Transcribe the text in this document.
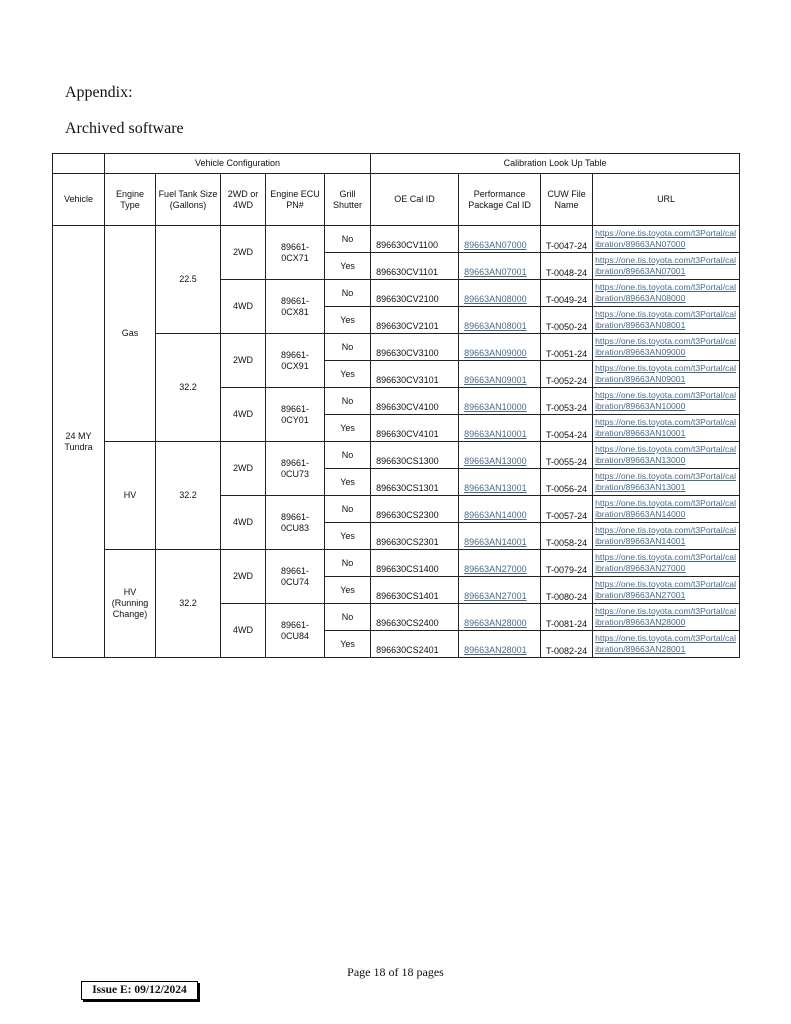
Appendix:
Archived software
	Vehicle Configuration					Calibration Look Up Table			
Vehicle	Engine Type	Fuel Tank Size (Gallons)	2WD or 4WD	Engine ECU PN#	Grill Shutter	OE Cal ID	Performance Package Cal ID	CUW File Name	URL
24 MY Tundra	Gas	22.5	2WD	89661-0CX71	No	896630CV1100	89663AN07000	T-0047-24	https://one.tis.toyota.com/t3Portal/calibration/89663AN07000
					Yes	896630CV1101	89663AN07001	T-0048-24	https://one.tis.toyota.com/t3Portal/calibration/89663AN07001
			4WD	89661-0CX81	No	896630CV2100	89663AN08000	T-0049-24	https://one.tis.toyota.com/t3Portal/calibration/89663AN08000
					Yes	896630CV2101	89663AN08001	T-0050-24	https://one.tis.toyota.com/t3Portal/calibration/89663AN08001
		32.2	2WD	89661-0CX91	No	896630CV3100	89663AN09000	T-0051-24	https://one.tis.toyota.com/t3Portal/calibration/89663AN09000
					Yes	896630CV3101	89663AN09001	T-0052-24	https://one.tis.toyota.com/t3Portal/calibration/89663AN09001
			4WD	89661-0CY01	No	896630CV4100	89663AN10000	T-0053-24	https://one.tis.toyota.com/t3Portal/calibration/89663AN10000
					Yes	896630CV4101	89663AN10001	T-0054-24	https://one.tis.toyota.com/t3Portal/calibration/89663AN10001
	HV	32.2	2WD	89661-0CU73	No	896630CS1300	89663AN13000	T-0055-24	https://one.tis.toyota.com/t3Portal/calibration/89663AN13000
					Yes	896630CS1301	89663AN13001	T-0056-24	https://one.tis.toyota.com/t3Portal/calibration/89663AN13001
			4WD	89661-0CU83	No	896630CS2300	89663AN14000	T-0057-24	https://one.tis.toyota.com/t3Portal/calibration/89663AN14000
					Yes	896630CS2301	89663AN14001	T-0058-24	https://one.tis.toyota.com/t3Portal/calibration/89663AN14001
	HV (Running Change)	32.2	2WD	89661-0CU74	No	896630CS1400	89663AN27000	T-0079-24	https://one.tis.toyota.com/t3Portal/calibration/89663AN27000
					Yes	896630CS1401	89663AN27001	T-0080-24	https://one.tis.toyota.com/t3Portal/calibration/89663AN27001
			4WD	89661-0CU84	No	896630CS2400	89663AN28000	T-0081-24	https://one.tis.toyota.com/t3Portal/calibration/89663AN28000
					Yes	896630CS2401	89663AN28001	T-0082-24	https://one.tis.toyota.com/t3Portal/calibration/89663AN28001
Page 18 of 18 pages
Issue E: 09/12/2024
